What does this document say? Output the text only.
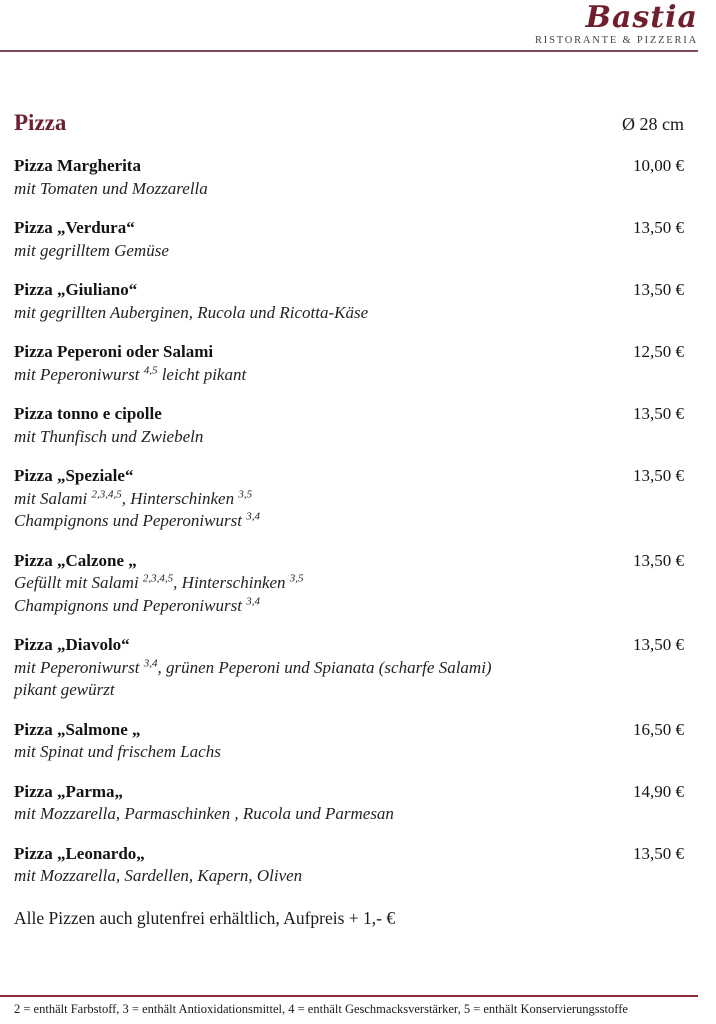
Bastia
RISTORANTE & PIZZERIA
Pizza	Ø 28 cm
Pizza Margherita	10,00 €
mit Tomaten und Mozzarella
Pizza „Verdura“	13,50 €
mit gegrilltem Gemüse
Pizza „Giuliano“	13,50 €
mit gegrillten Auberginen, Rucola und Ricotta-Käse
Pizza Peperoni oder Salami	12,50 €
mit Peperoniwurst $^{4,5}$ leicht pikant
Pizza tonno e cipolle	13,50 €
mit Thunfisch und Zwiebeln
Pizza „Speziale“	13,50 €
mit Salami $^{2,3,4,5}$, Hinterschinken $^{3,5}$
Champignons und Peperoniwurst $^{3,4}$
Pizza „Calzone „	13,50 €
Gefüllt mit Salami $^{2,3,4,5}$, Hinterschinken $^{3,5}$
Champignons und Peperoniwurst $^{3,4}$
Pizza „Diavolo“	13,50 €
mit Peperoniwurst $^{3,4}$, grünen Peperoni und Spianata (scharfe Salami)
pikant gewürzt
Pizza „Salmone „	16,50 €
mit Spinat und frischem Lachs
Pizza „Parma„	14,90 €
mit Mozzarella, Parmaschinken , Rucola und Parmesan
Pizza „Leonardo„	13,50 €
mit Mozzarella, Sardellen, Kapern, Oliven
Alle Pizzen auch glutenfrei erhältlich, Aufpreis + 1,- €
2 = enthält Farbstoff, 3 = enthält Antioxidationsmittel, 4 = enthält Geschmacksverstärker, 5 = enthält Konservierungsstoffe
